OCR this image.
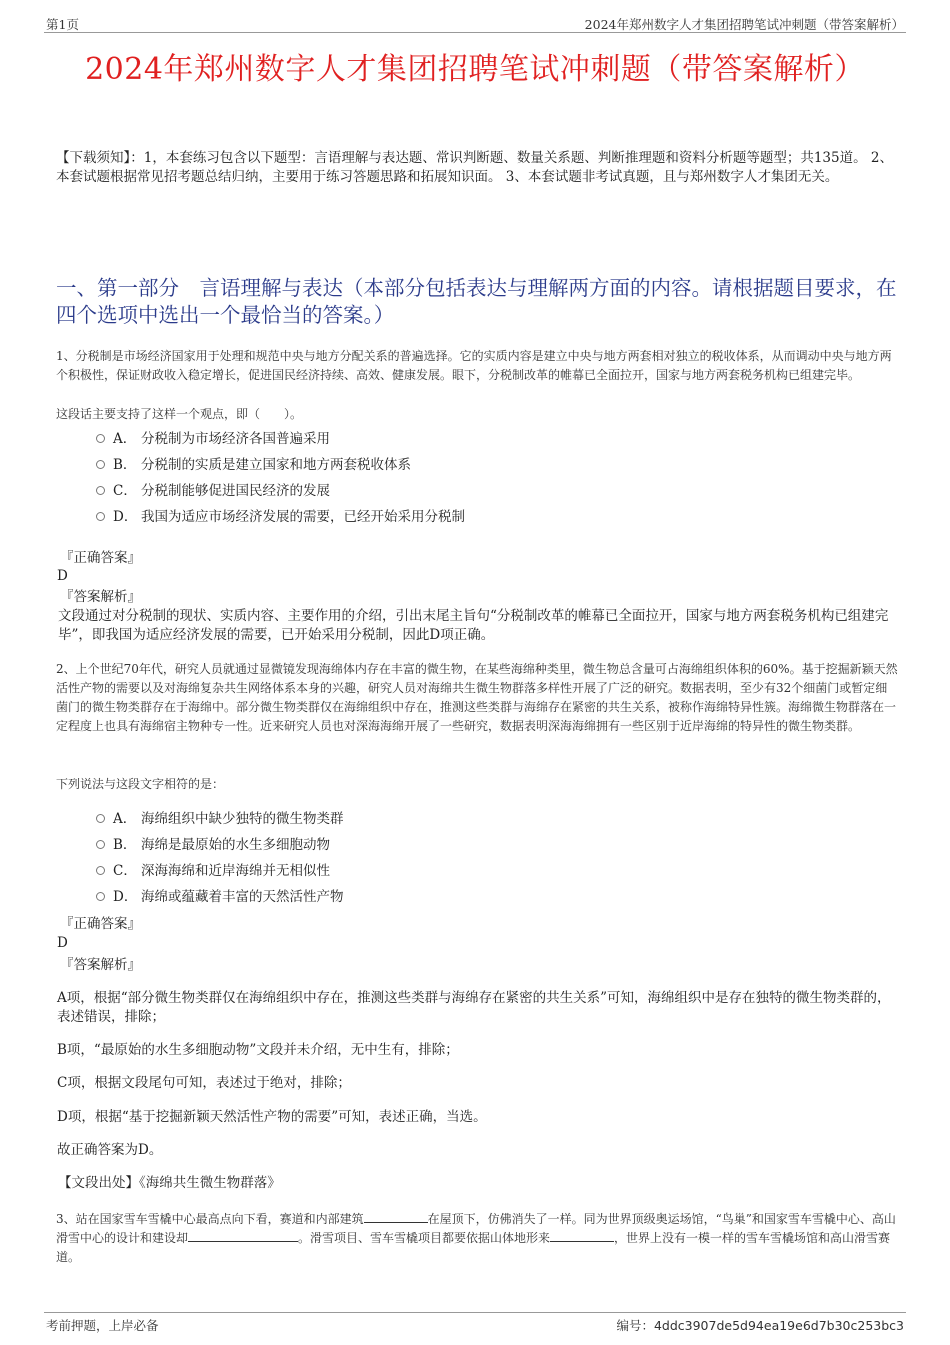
第1页	2024年郑州数字人才集团招聘笔试冲刺题（带答案解析）
2024年郑州数字人才集团招聘笔试冲刺题（带答案解析）
【下载须知】：1，本套练习包含以下题型：言语理解与表达题、常识判断题、数量关系题、判断推理题和资料分析题等题型；共135道。 2、本套试题根据常见招考题总结归纳，主要用于练习答题思路和拓展知识面。 3、本套试题非考试真题，且与郑州数字人才集团无关。
一、第一部分　言语理解与表达（本部分包括表达与理解两方面的内容。请根据题目要求，在四个选项中选出一个最恰当的答案。）
1、分税制是市场经济国家用于处理和规范中央与地方分配关系的普遍选择。它的实质内容是建立中央与地方两套相对独立的税收体系，从而调动中央与地方两个积极性，保证财政收入稳定增长，促进国民经济持续、高效、健康发展。眼下，分税制改革的帷幕已全面拉开，国家与地方两套税务机构已组建完毕。
这段话主要支持了这样一个观点，即（　　）。
A． 分税制为市场经济各国普遍采用
B． 分税制的实质是建立国家和地方两套税收体系
C． 分税制能够促进国民经济的发展
D． 我国为适应市场经济发展的需要，已经开始采用分税制
『正确答案』
D
『答案解析』
文段通过对分税制的现状、实质内容、主要作用的介绍，引出末尾主旨句“分税制改革的帷幕已全面拉开，国家与地方两套税务机构已组建完毕”，即我国为适应经济发展的需要，已开始采用分税制，因此D项正确。
2、上个世纪70年代，研究人员就通过显微镜发现海绵体内存在丰富的微生物，在某些海绵种类里，微生物总含量可占海绵组织体积的60%。基于挖掘新颖天然活性产物的需要以及对海绵复杂共生网络体系本身的兴趣，研究人员对海绵共生微生物群落多样性开展了广泛的研究。数据表明，至少有32个细菌门或暂定细菌门的微生物类群存在于海绵中。部分微生物类群仅在海绵组织中存在，推测这些类群与海绵存在紧密的共生关系，被称作海绵特异性簇。海绵微生物群落在一定程度上也具有海绵宿主物种专一性。近来研究人员也对深海海绵开展了一些研究，数据表明深海海绵拥有一些区别于近岸海绵的特异性的微生物类群。
下列说法与这段文字相符的是：
A． 海绵组织中缺少独特的微生物类群
B． 海绵是最原始的水生多细胞动物
C． 深海海绵和近岸海绵并无相似性
D． 海绵或蕴藏着丰富的天然活性产物
『正确答案』
D
『答案解析』
A项，根据“部分微生物类群仅在海绵组织中存在，推测这些类群与海绵存在紧密的共生关系”可知，海绵组织中是存在独特的微生物类群的，表述错误，排除；
B项，“最原始的水生多细胞动物”文段并未介绍，无中生有，排除；
C项，根据文段尾句可知，表述过于绝对，排除；
D项，根据“基于挖掘新颖天然活性产物的需要”可知，表述正确，当选。
故正确答案为D。
【文段出处】《海绵共生微生物群落》
3、站在国家雪车雪橇中心最高点向下看，赛道和内部建筑	在屋顶下，仿佛消失了一样。同为世界顶级奥运场馆，“鸟巢”和国家雪车雪橇中心、高山滑雪中心的设计和建设却	。滑雪项目、雪车雪橇项目都要依据山体地形来	，世界上没有一模一样的雪车雪橇场馆和高山滑雪赛道。
考前押题，上岸必备	编号：4ddc3907de5d94ea19e6d7b30c253bc3
